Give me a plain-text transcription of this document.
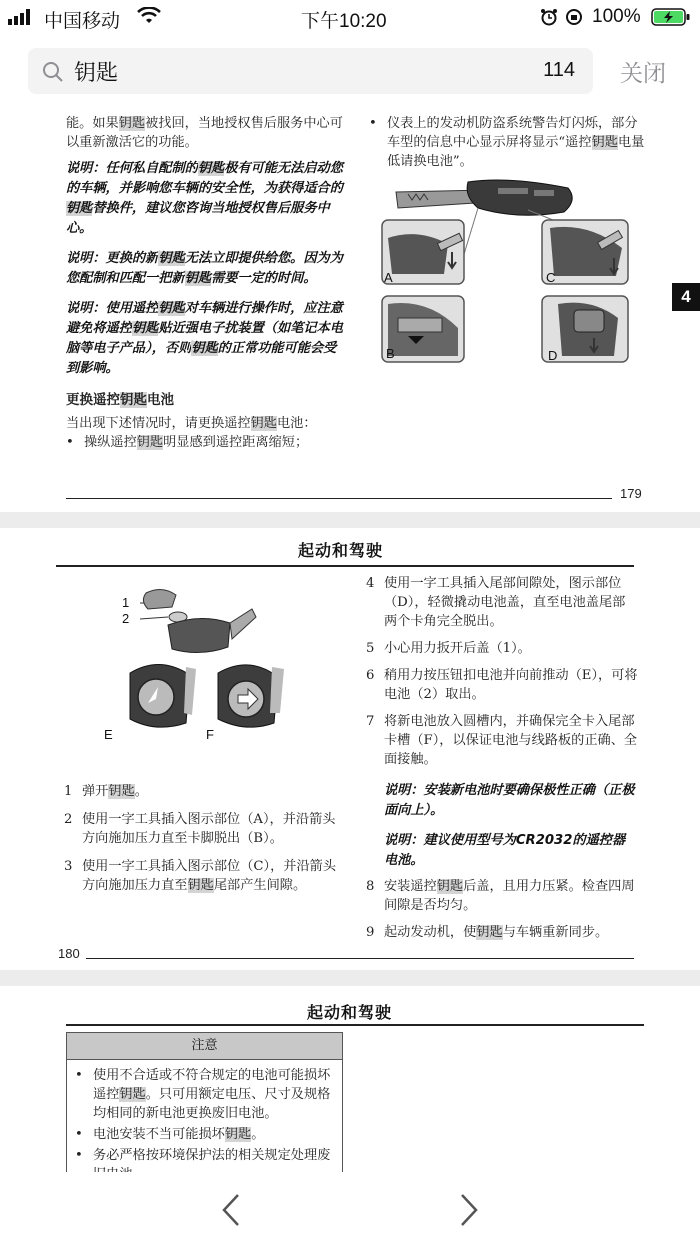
中国移动	下午10:20	100%
钥匙
114 关闭
能。如果钥匙被找回，当地授权售后服务中心可以重新激活它的功能。
说明：任何私自配制的钥匙极有可能无法启动您的车辆，并影响您车辆的安全性，为获得适合的钥匙替换件，建议您咨询当地授权售后服务中心。
说明：更换的新钥匙无法立即提供给您。因为为您配制和匹配一把新钥匙需要一定的时间。
说明：使用遥控钥匙对车辆进行操作时，应注意避免将遥控钥匙贴近强电子扰装置（如笔记本电脑等电子产品），否则钥匙的正常功能可能会受到影响。
更换遥控钥匙电池
当出现下述情况时，请更换遥控钥匙电池：
• 操纵遥控钥匙明显感到遥控距离缩短；
• 仪表上的发动机防盗系统警告灯闪烁，部分车型的信息中心显示屏将显示“遥控钥匙电量低请换电池”。
A
B
C
D
4
179
起动和驾驶
1
2
E	F
1 弹开钥匙。
2 使用一字工具插入图示部位（A），并沿箭头方向施加压力直至卡脚脱出（B）。
3 使用一字工具插入图示部位（C），并沿箭头方向施加压力直至钥匙尾部产生间隙。
4 使用一字工具插入尾部间隙处，图示部位（D），轻微撬动电池盖，直至电池盖尾部两个卡角完全脱出。
5 小心用力扳开后盖（1）。
6 稍用力按压钮扣电池并向前推动（E），可将电池（2）取出。
7 将新电池放入圆槽内，并确保完全卡入尾部卡槽（F），以保证电池与线路板的正确、全面接触。
说明：安装新电池时要确保极性正确（正极面向上）。
说明：建议使用型号为CR2032的遥控器电池。
8 安装遥控钥匙后盖，且用力压紧。检查四周间隙是否均匀。
9 起动发动机，使钥匙与车辆重新同步。
180
起动和驾驶
注意
• 使用不合适或不符合规定的电池可能损坏遥控钥匙。只可用额定电压、尺寸及规格均相同的新电池更换废旧电池。
• 电池安装不当可能损坏钥匙。
• 务必严格按环境保护法的相关规定处理废
